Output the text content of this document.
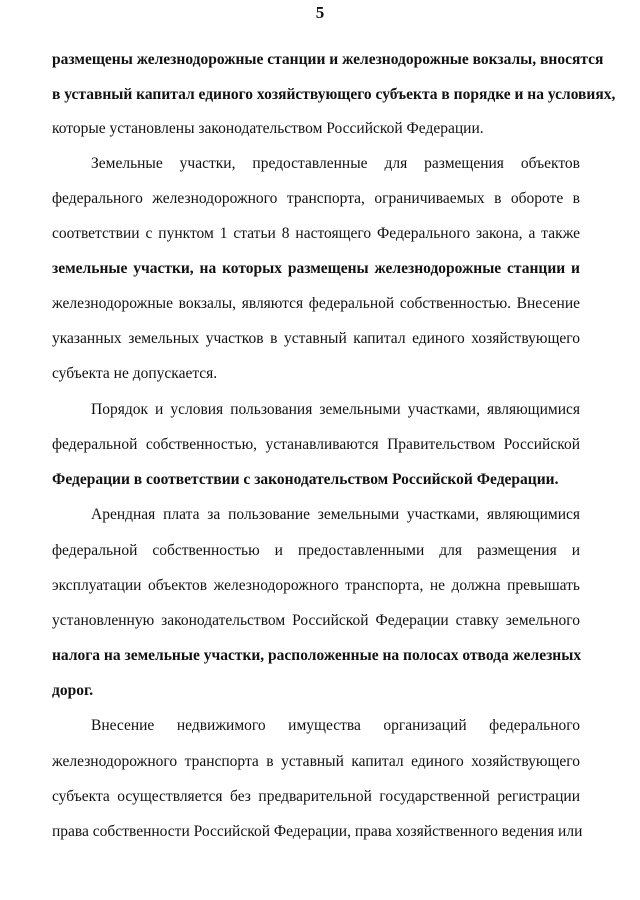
5
размещены железнодорожные станции и железнодорожные вокзалы, вносятся
в уставный капитал единого хозяйствующего субъекта в порядке и на условиях,
которые установлены законодательством Российской Федерации.
Земельные участки, предоставленные для размещения объектов
федерального железнодорожного транспорта, ограничиваемых в обороте в
соответствии с пунктом 1 статьи 8 настоящего Федерального закона, а также
земельные участки, на которых размещены железнодорожные станции и
железнодорожные вокзалы, являются федеральной собственностью. Внесение
указанных земельных участков в уставный капитал единого хозяйствующего
субъекта не допускается.
Порядок и условия пользования земельными участками, являющимися
федеральной собственностью, устанавливаются Правительством Российской
Федерации в соответствии с законодательством Российской Федерации.
Арендная плата за пользование земельными участками, являющимися
федеральной собственностью и предоставленными для размещения и
эксплуатации объектов железнодорожного транспорта, не должна превышать
установленную законодательством Российской Федерации ставку земельного
налога на земельные участки, расположенные на полосах отвода железных
дорог.
Внесение недвижимого имущества организаций федерального
железнодорожного транспорта в уставный капитал единого хозяйствующего
субъекта осуществляется без предварительной государственной регистрации
права собственности Российской Федерации, права хозяйственного ведения или
